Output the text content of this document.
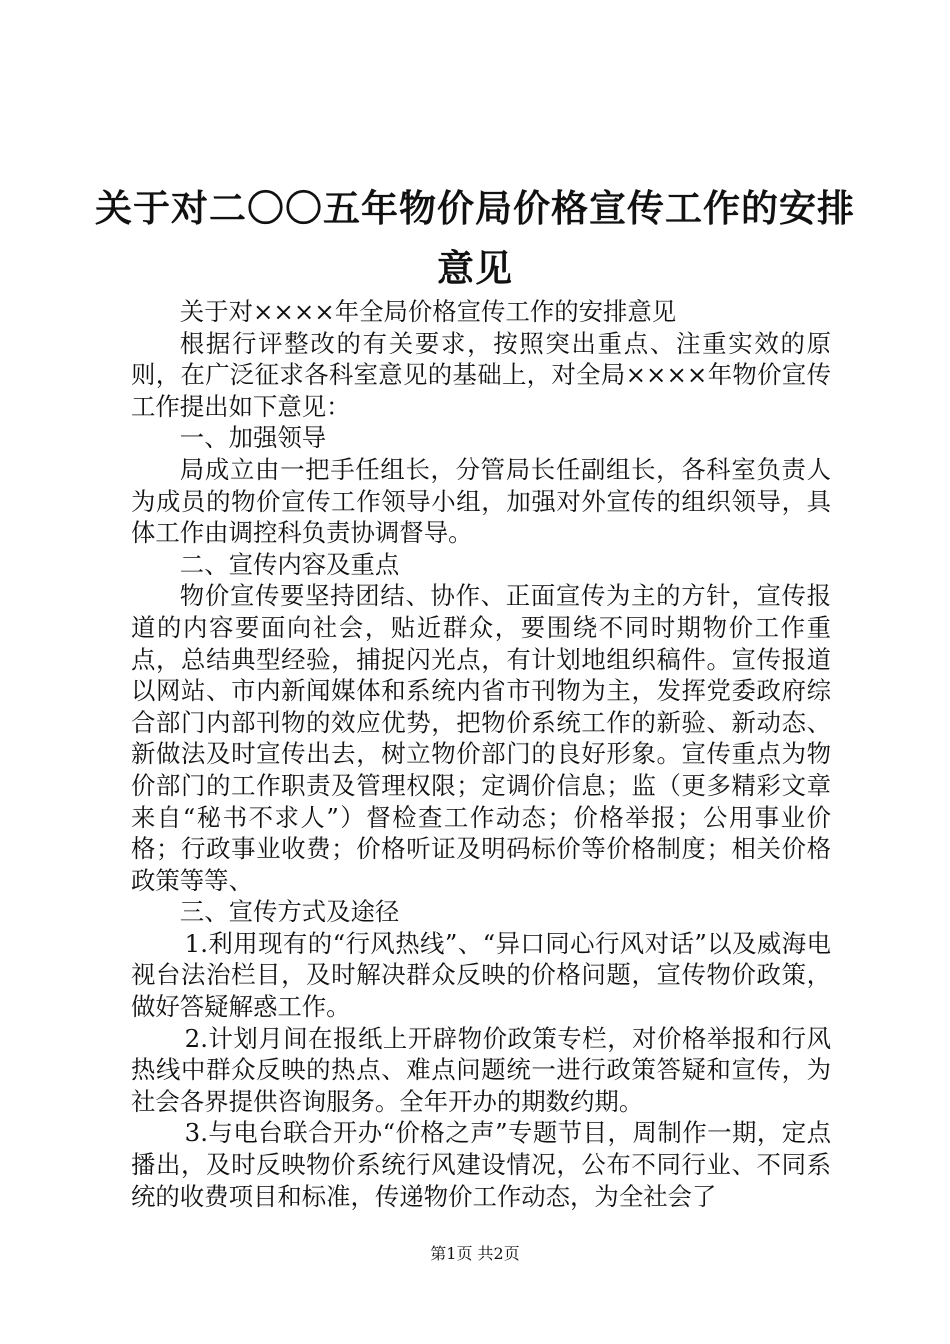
关于对二〇〇五年物价局价格宣传工作的安排
意见

关于对××××年全局价格宣传工作的安排意见

根据行评整改的有关要求，按照突出重点、注重实效的原则，在广泛征求各科室意见的基础上，对全局××××年物价宣传工作提出如下意见：

一、加强领导

局成立由一把手任组长，分管局长任副组长，各科室负责人为成员的物价宣传工作领导小组，加强对外宣传的组织领导，具体工作由调控科负责协调督导。

二、宣传内容及重点

物价宣传要坚持团结、协作、正面宣传为主的方针，宣传报道的内容要面向社会，贴近群众，要围绕不同时期物价工作重点，总结典型经验，捕捉闪光点，有计划地组织稿件。宣传报道以网站、市内新闻媒体和系统内省市刊物为主，发挥党委政府综合部门内部刊物的效应优势，把物价系统工作的新验、新动态、新做法及时宣传出去，树立物价部门的良好形象。宣传重点为物价部门的工作职责及管理权限；定调价信息；监（更多精彩文章来自“秘书不求人”）督检查工作动态；价格举报；公用事业价格；行政事业收费；价格听证及明码标价等价格制度；相关价格政策等等、

三、宣传方式及途径

1.利用现有的“行风热线”、“异口同心行风对话”以及威海电视台法治栏目，及时解决群众反映的价格问题，宣传物价政策，做好答疑解惑工作。

2.计划月间在报纸上开辟物价政策专栏，对价格举报和行风热线中群众反映的热点、难点问题统一进行政策答疑和宣传，为社会各界提供咨询服务。全年开办的期数约期。

3.与电台联合开办“价格之声”专题节目，周制作一期，定点播出，及时反映物价系统行风建设情况，公布不同行业、不同系统的收费项目和标准，传递物价工作动态，为全社会了

第1页 共2页
